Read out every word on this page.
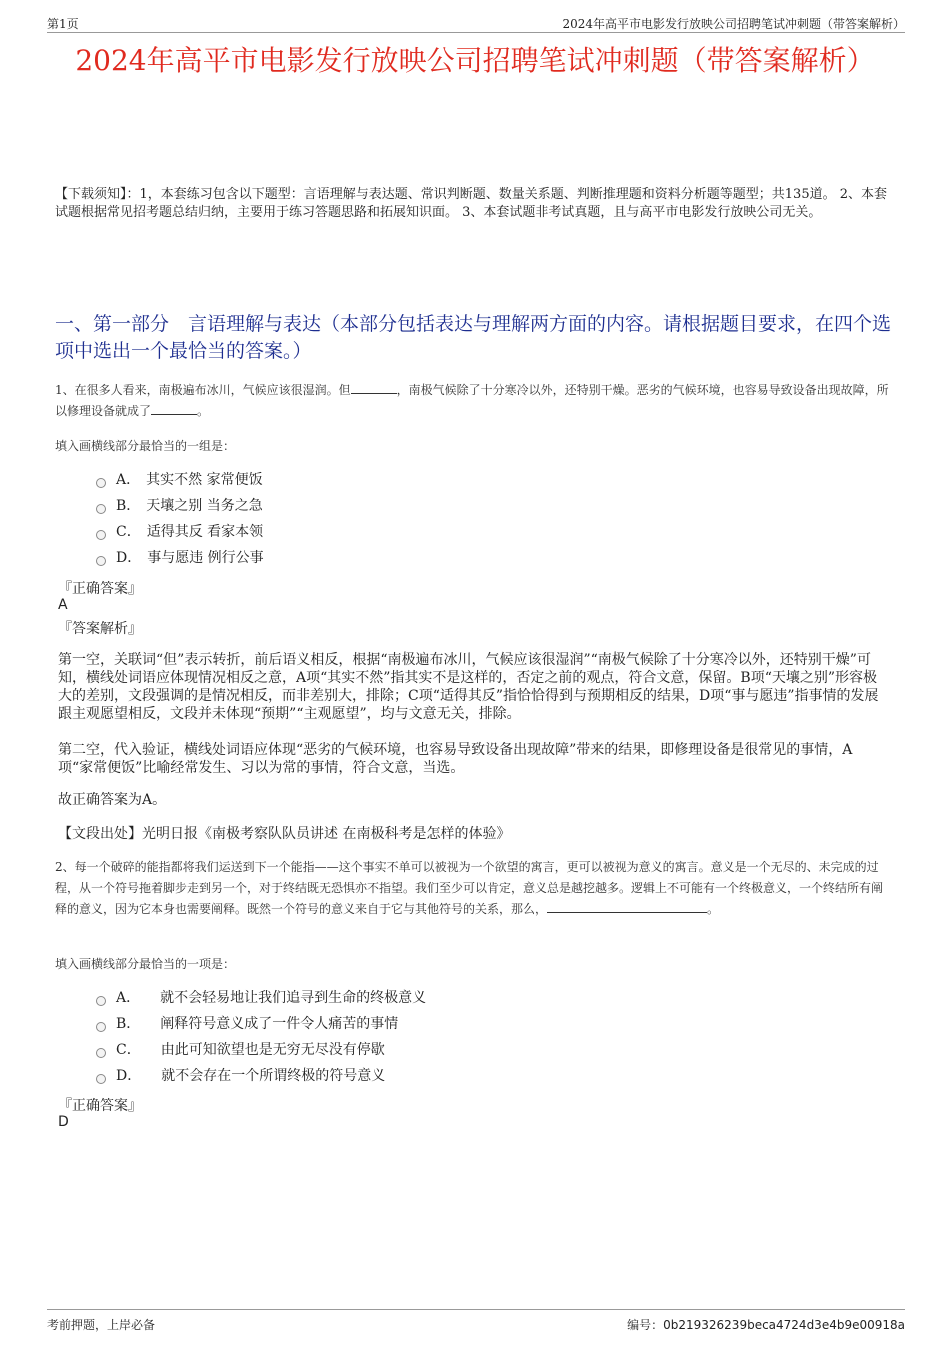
第1页	2024年高平市电影发行放映公司招聘笔试冲刺题（带答案解析）
2024年高平市电影发行放映公司招聘笔试冲刺题（带答案解析）
【下载须知】：1，本套练习包含以下题型：言语理解与表达题、常识判断题、数量关系题、判断推理题和资料分析题等题型；共135道。 2、本套试题根据常见招考题总结归纳，主要用于练习答题思路和拓展知识面。 3、本套试题非考试真题，且与高平市电影发行放映公司无关。
一、第一部分　言语理解与表达（本部分包括表达与理解两方面的内容。请根据题目要求，在四个选项中选出一个最恰当的答案。）
1、在很多人看来，南极遍布冰川，气候应该很湿润。但	，南极气候除了十分寒冷以外，还特别干燥。恶劣的气候环境，也容易导致设备出现故障，所以修理设备就成了	。
填入画横线部分最恰当的一组是：
A． 其实不然 家常便饭
B． 天壤之别 当务之急
C． 适得其反 看家本领
D． 事与愿违 例行公事
『正确答案』
A
『答案解析』
第一空，关联词“但”表示转折，前后语义相反，根据“南极遍布冰川，气候应该很湿润”“南极气候除了十分寒冷以外，还特别干燥”可知，横线处词语应体现情况相反之意，A项“其实不然”指其实不是这样的，否定之前的观点，符合文意，保留。B项“天壤之别”形容极大的差别，文段强调的是情况相反，而非差别大，排除；C项“适得其反”指恰恰得到与预期相反的结果，D项“事与愿违”指事情的发展跟主观愿望相反，文段并未体现“预期”“主观愿望”，均与文意无关，排除。
第二空，代入验证，横线处词语应体现“恶劣的气候环境，也容易导致设备出现故障”带来的结果，即修理设备是很常见的事情，A项“家常便饭”比喻经常发生、习以为常的事情，符合文意，当选。
故正确答案为A。
【文段出处】光明日报《南极考察队队员讲述 在南极科考是怎样的体验》
2、每一个破碎的能指都将我们运送到下一个能指——这个事实不单可以被视为一个欲望的寓言，更可以被视为意义的寓言。意义是一个无尽的、未完成的过程，从一个符号拖着脚步走到另一个，对于终结既无恐惧亦不指望。我们至少可以肯定，意义总是越挖越多。逻辑上不可能有一个终极意义，一个终结所有阐释的意义，因为它本身也需要阐释。既然一个符号的意义来自于它与其他符号的关系，那么，	。
填入画横线部分最恰当的一项是：
A． 就不会轻易地让我们追寻到生命的终极意义
B． 阐释符号意义成了一件令人痛苦的事情
C． 由此可知欲望也是无穷无尽没有停歇
D． 就不会存在一个所谓终极的符号意义
『正确答案』
D
考前押题，上岸必备	编号：0b219326239beca4724d3e4b9e00918a
